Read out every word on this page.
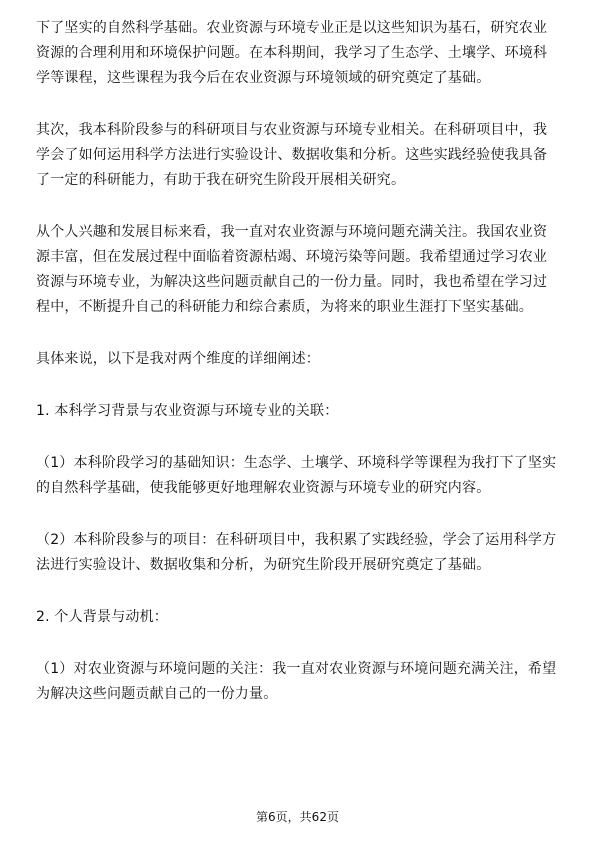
下了坚实的自然科学基础。农业资源与环境专业正是以这些知识为基石，研究农业资源的合理利用和环境保护问题。在本科期间，我学习了生态学、土壤学、环境科学等课程，这些课程为我今后在农业资源与环境领域的研究奠定了基础。

其次，我本科阶段参与的科研项目与农业资源与环境专业相关。在科研项目中，我学会了如何运用科学方法进行实验设计、数据收集和分析。这些实践经验使我具备了一定的科研能力，有助于我在研究生阶段开展相关研究。

从个人兴趣和发展目标来看，我一直对农业资源与环境问题充满关注。我国农业资源丰富，但在发展过程中面临着资源枯竭、环境污染等问题。我希望通过学习农业资源与环境专业，为解决这些问题贡献自己的一份力量。同时，我也希望在学习过程中，不断提升自己的科研能力和综合素质，为将来的职业生涯打下坚实基础。

具体来说，以下是我对两个维度的详细阐述：

1. 本科学习背景与农业资源与环境专业的关联：

（1）本科阶段学习的基础知识：生态学、土壤学、环境科学等课程为我打下了坚实的自然科学基础，使我能够更好地理解农业资源与环境专业的研究内容。

（2）本科阶段参与的项目：在科研项目中，我积累了实践经验，学会了运用科学方法进行实验设计、数据收集和分析，为研究生阶段开展研究奠定了基础。

2. 个人背景与动机：

（1）对农业资源与环境问题的关注：我一直对农业资源与环境问题充满关注，希望为解决这些问题贡献自己的一份力量。

第6页，共62页
